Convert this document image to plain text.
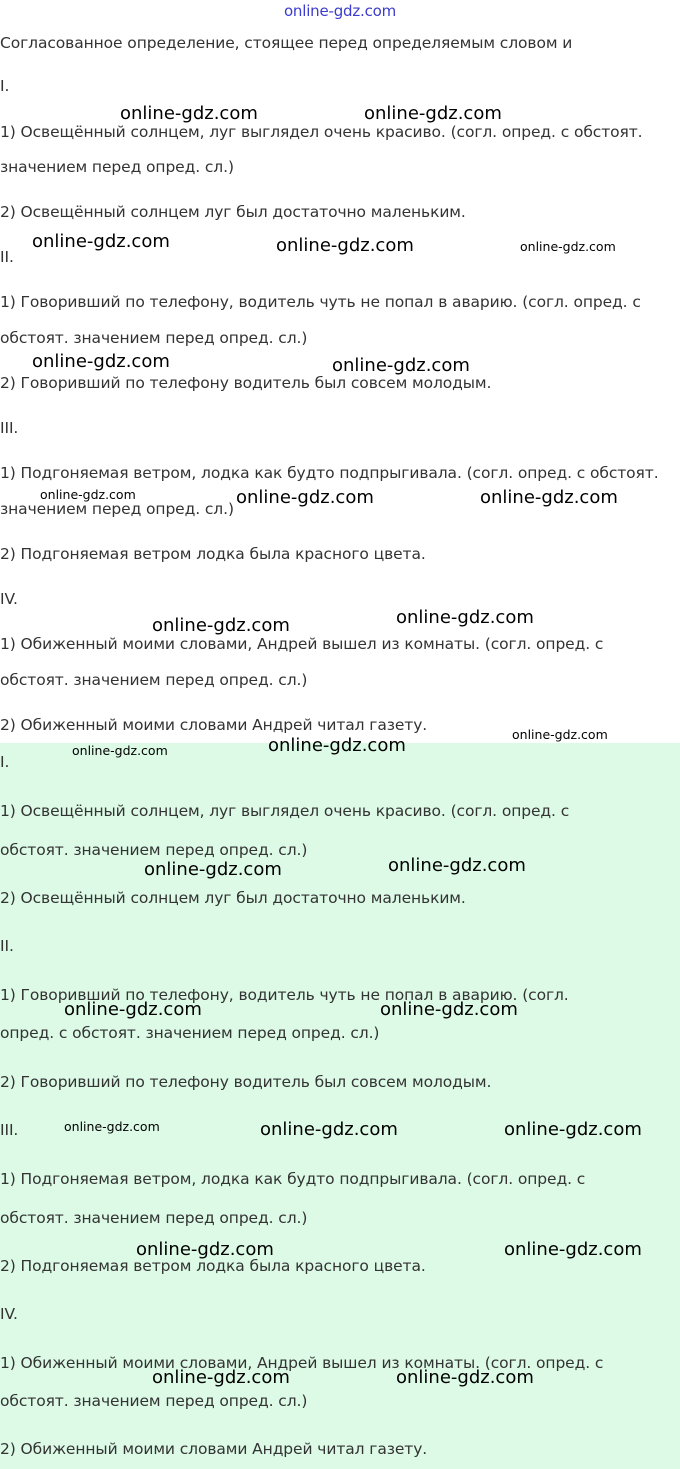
online-gdz.com
Согласованное определение, стоящее перед определяемым словом и
I.
1) Освещённый солнцем, луг выглядел очень красиво. (согл. опред. с обстоят.
значением перед опред. сл.)
2) Освещённый солнцем луг был достаточно маленьким.
II.
1) Говоривший по телефону, водитель чуть не попал в аварию. (согл. опред. с
обстоят. значением перед опред. сл.)
2) Говоривший по телефону водитель был совсем молодым.
III.
1) Подгоняемая ветром, лодка как будто подпрыгивала. (согл. опред. с обстоят.
значением перед опред. сл.)
2) Подгоняемая ветром лодка была красного цвета.
IV.
1) Обиженный моими словами, Андрей вышел из комнаты. (согл. опред. с
обстоят. значением перед опред. сл.)
2) Обиженный моими словами Андрей читал газету.
I.
1) Освещённый солнцем, луг выглядел очень красиво. (согл. опред. с
обстоят. значением перед опред. сл.)
2) Освещённый солнцем луг был достаточно маленьким.
II.
1) Говоривший по телефону, водитель чуть не попал в аварию. (согл.
опред. с обстоят. значением перед опред. сл.)
2) Говоривший по телефону водитель был совсем молодым.
III.
1) Подгоняемая ветром, лодка как будто подпрыгивала. (согл. опред. с
обстоят. значением перед опред. сл.)
2) Подгоняемая ветром лодка была красного цвета.
IV.
1) Обиженный моими словами, Андрей вышел из комнаты. (согл. опред. с
обстоят. значением перед опред. сл.)
2) Обиженный моими словами Андрей читал газету.
online-gdz.com	online-gdz.com
online-gdz.com	online-gdz.com	online-gdz.com
online-gdz.com	online-gdz.com
online-gdz.com	online-gdz.com	online-gdz.com
online-gdz.com	online-gdz.com
online-gdz.com
online-gdz.com	online-gdz.com
online-gdz.com	online-gdz.com
online-gdz.com	online-gdz.com
online-gdz.com	online-gdz.com	online-gdz.com
online-gdz.com	online-gdz.com
online-gdz.com	online-gdz.com
